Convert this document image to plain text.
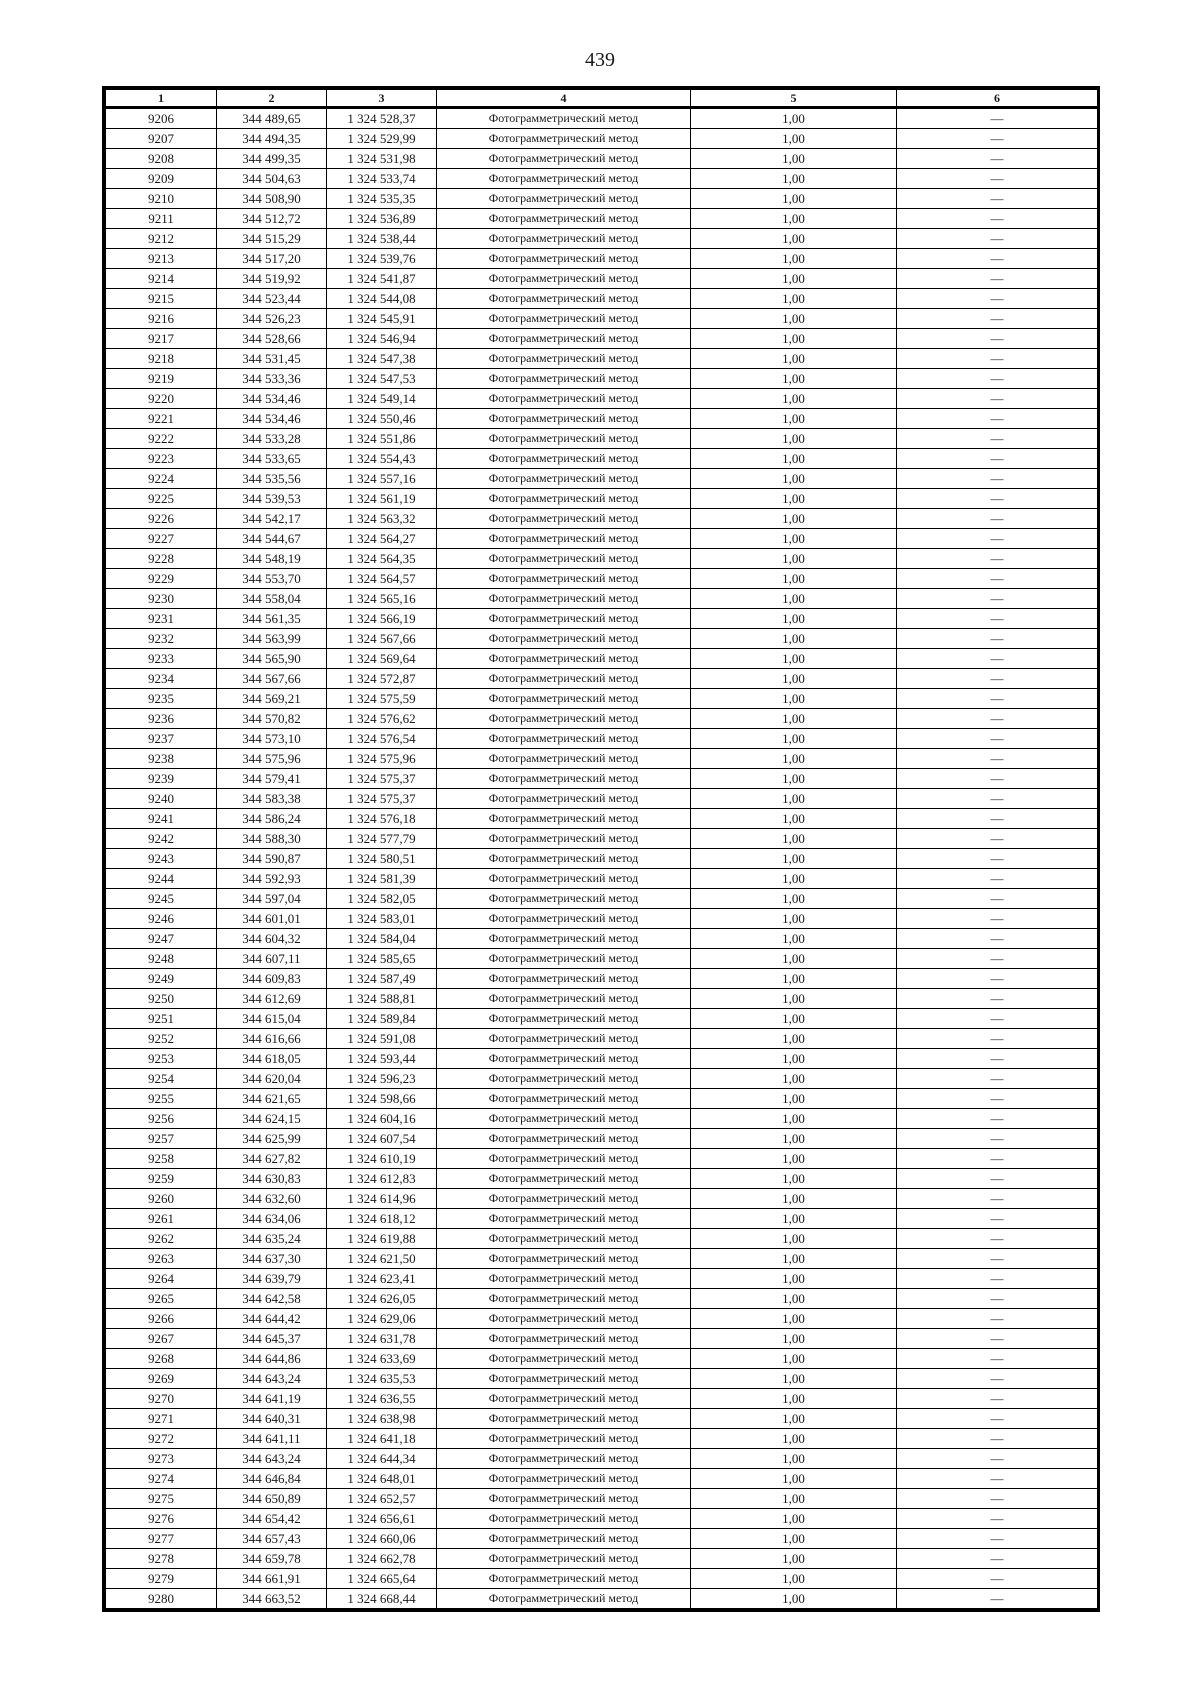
439
1	2	3	4	5	6
9206	344 489,65	1 324 528,37	Фотограмметрический метод	1,00	—
9207	344 494,35	1 324 529,99	Фотограмметрический метод	1,00	—
9208	344 499,35	1 324 531,98	Фотограмметрический метод	1,00	—
9209	344 504,63	1 324 533,74	Фотограмметрический метод	1,00	—
9210	344 508,90	1 324 535,35	Фотограмметрический метод	1,00	—
9211	344 512,72	1 324 536,89	Фотограмметрический метод	1,00	—
9212	344 515,29	1 324 538,44	Фотограмметрический метод	1,00	—
9213	344 517,20	1 324 539,76	Фотограмметрический метод	1,00	—
9214	344 519,92	1 324 541,87	Фотограмметрический метод	1,00	—
9215	344 523,44	1 324 544,08	Фотограмметрический метод	1,00	—
9216	344 526,23	1 324 545,91	Фотограмметрический метод	1,00	—
9217	344 528,66	1 324 546,94	Фотограмметрический метод	1,00	—
9218	344 531,45	1 324 547,38	Фотограмметрический метод	1,00	—
9219	344 533,36	1 324 547,53	Фотограмметрический метод	1,00	—
9220	344 534,46	1 324 549,14	Фотограмметрический метод	1,00	—
9221	344 534,46	1 324 550,46	Фотограмметрический метод	1,00	—
9222	344 533,28	1 324 551,86	Фотограмметрический метод	1,00	—
9223	344 533,65	1 324 554,43	Фотограмметрический метод	1,00	—
9224	344 535,56	1 324 557,16	Фотограмметрический метод	1,00	—
9225	344 539,53	1 324 561,19	Фотограмметрический метод	1,00	—
9226	344 542,17	1 324 563,32	Фотограмметрический метод	1,00	—
9227	344 544,67	1 324 564,27	Фотограмметрический метод	1,00	—
9228	344 548,19	1 324 564,35	Фотограмметрический метод	1,00	—
9229	344 553,70	1 324 564,57	Фотограмметрический метод	1,00	—
9230	344 558,04	1 324 565,16	Фотограмметрический метод	1,00	—
9231	344 561,35	1 324 566,19	Фотограмметрический метод	1,00	—
9232	344 563,99	1 324 567,66	Фотограмметрический метод	1,00	—
9233	344 565,90	1 324 569,64	Фотограмметрический метод	1,00	—
9234	344 567,66	1 324 572,87	Фотограмметрический метод	1,00	—
9235	344 569,21	1 324 575,59	Фотограмметрический метод	1,00	—
9236	344 570,82	1 324 576,62	Фотограмметрический метод	1,00	—
9237	344 573,10	1 324 576,54	Фотограмметрический метод	1,00	—
9238	344 575,96	1 324 575,96	Фотограмметрический метод	1,00	—
9239	344 579,41	1 324 575,37	Фотограмметрический метод	1,00	—
9240	344 583,38	1 324 575,37	Фотограмметрический метод	1,00	—
9241	344 586,24	1 324 576,18	Фотограмметрический метод	1,00	—
9242	344 588,30	1 324 577,79	Фотограмметрический метод	1,00	—
9243	344 590,87	1 324 580,51	Фотограмметрический метод	1,00	—
9244	344 592,93	1 324 581,39	Фотограмметрический метод	1,00	—
9245	344 597,04	1 324 582,05	Фотограмметрический метод	1,00	—
9246	344 601,01	1 324 583,01	Фотограмметрический метод	1,00	—
9247	344 604,32	1 324 584,04	Фотограмметрический метод	1,00	—
9248	344 607,11	1 324 585,65	Фотограмметрический метод	1,00	—
9249	344 609,83	1 324 587,49	Фотограмметрический метод	1,00	—
9250	344 612,69	1 324 588,81	Фотограмметрический метод	1,00	—
9251	344 615,04	1 324 589,84	Фотограмметрический метод	1,00	—
9252	344 616,66	1 324 591,08	Фотограмметрический метод	1,00	—
9253	344 618,05	1 324 593,44	Фотограмметрический метод	1,00	—
9254	344 620,04	1 324 596,23	Фотограмметрический метод	1,00	—
9255	344 621,65	1 324 598,66	Фотограмметрический метод	1,00	—
9256	344 624,15	1 324 604,16	Фотограмметрический метод	1,00	—
9257	344 625,99	1 324 607,54	Фотограмметрический метод	1,00	—
9258	344 627,82	1 324 610,19	Фотограмметрический метод	1,00	—
9259	344 630,83	1 324 612,83	Фотограмметрический метод	1,00	—
9260	344 632,60	1 324 614,96	Фотограмметрический метод	1,00	—
9261	344 634,06	1 324 618,12	Фотограмметрический метод	1,00	—
9262	344 635,24	1 324 619,88	Фотограмметрический метод	1,00	—
9263	344 637,30	1 324 621,50	Фотограмметрический метод	1,00	—
9264	344 639,79	1 324 623,41	Фотограмметрический метод	1,00	—
9265	344 642,58	1 324 626,05	Фотограмметрический метод	1,00	—
9266	344 644,42	1 324 629,06	Фотограмметрический метод	1,00	—
9267	344 645,37	1 324 631,78	Фотограмметрический метод	1,00	—
9268	344 644,86	1 324 633,69	Фотограмметрический метод	1,00	—
9269	344 643,24	1 324 635,53	Фотограмметрический метод	1,00	—
9270	344 641,19	1 324 636,55	Фотограмметрический метод	1,00	—
9271	344 640,31	1 324 638,98	Фотограмметрический метод	1,00	—
9272	344 641,11	1 324 641,18	Фотограмметрический метод	1,00	—
9273	344 643,24	1 324 644,34	Фотограмметрический метод	1,00	—
9274	344 646,84	1 324 648,01	Фотограмметрический метод	1,00	—
9275	344 650,89	1 324 652,57	Фотограмметрический метод	1,00	—
9276	344 654,42	1 324 656,61	Фотограмметрический метод	1,00	—
9277	344 657,43	1 324 660,06	Фотограмметрический метод	1,00	—
9278	344 659,78	1 324 662,78	Фотограмметрический метод	1,00	—
9279	344 661,91	1 324 665,64	Фотограмметрический метод	1,00	—
9280	344 663,52	1 324 668,44	Фотограмметрический метод	1,00	—
